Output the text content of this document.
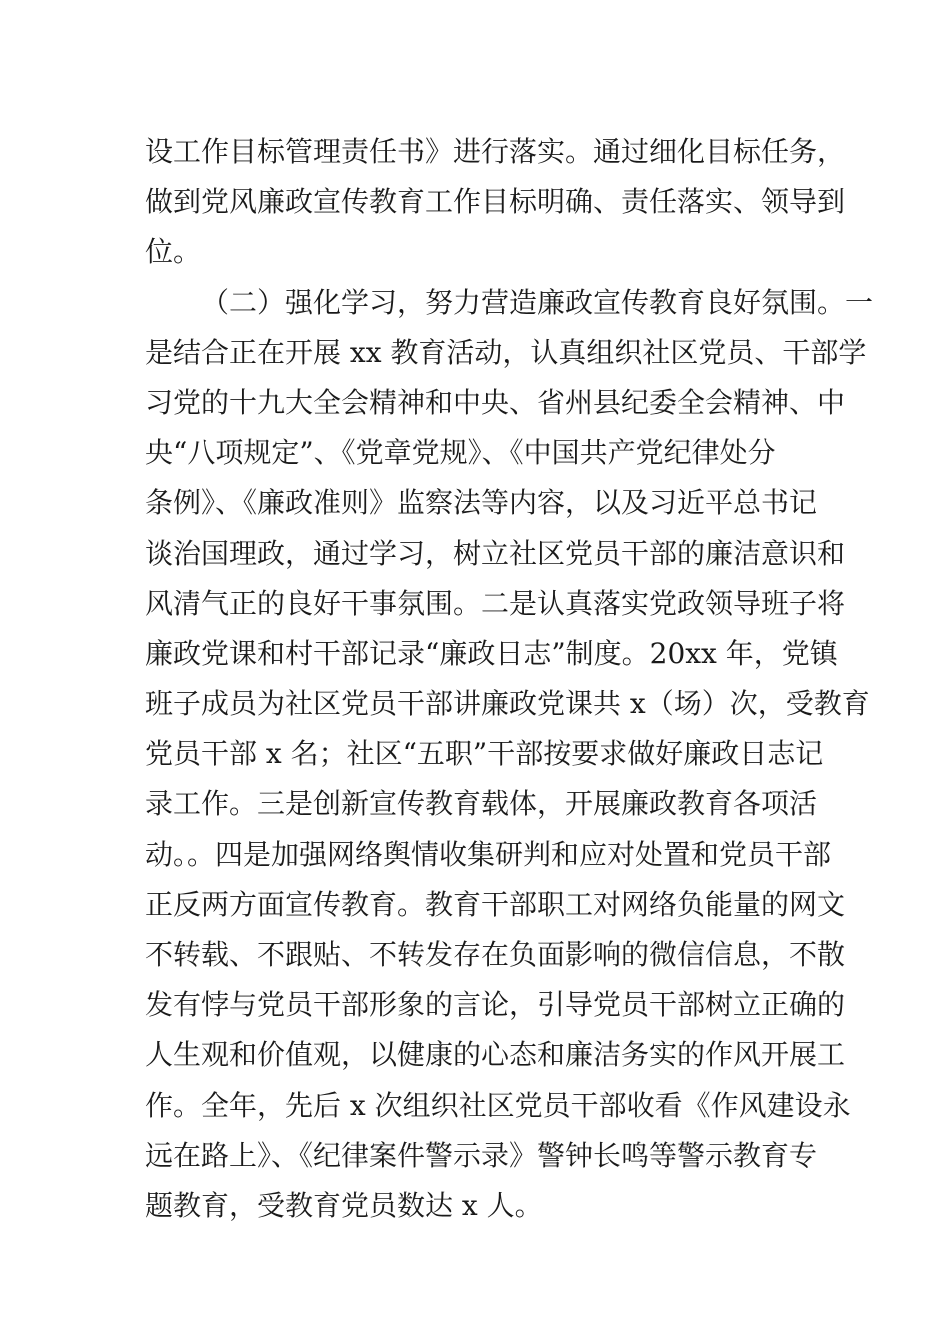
设工作目标管理责任书》进行落实。通过细化目标任务，
做到党风廉政宣传教育工作目标明确、责任落实、领导到
位。
（二）强化学习，努力营造廉政宣传教育良好氛围。一
是结合正在开展 xx 教育活动，认真组织社区党员、干部学
习党的十九大全会精神和中央、省州县纪委全会精神、中
央“八项规定”、《党章党规》、《中国共产党纪律处分
条例》、《廉政准则》监察法等内容，以及习近平总书记
谈治国理政，通过学习，树立社区党员干部的廉洁意识和
风清气正的良好干事氛围。二是认真落实党政领导班子将
廉政党课和村干部记录“廉政日志”制度。20xx 年，党镇
班子成员为社区党员干部讲廉政党课共 x（场）次，受教育
党员干部 x 名；社区“五职”干部按要求做好廉政日志记
录工作。三是创新宣传教育载体，开展廉政教育各项活
动。。四是加强网络舆情收集研判和应对处置和党员干部
正反两方面宣传教育。教育干部职工对网络负能量的网文
不转载、不跟贴、不转发存在负面影响的微信信息，不散
发有悖与党员干部形象的言论，引导党员干部树立正确的
人生观和价值观，以健康的心态和廉洁务实的作风开展工
作。全年，先后 x 次组织社区党员干部收看《作风建设永
远在路上》、《纪律案件警示录》警钟长鸣等警示教育专
题教育，受教育党员数达 x 人。
